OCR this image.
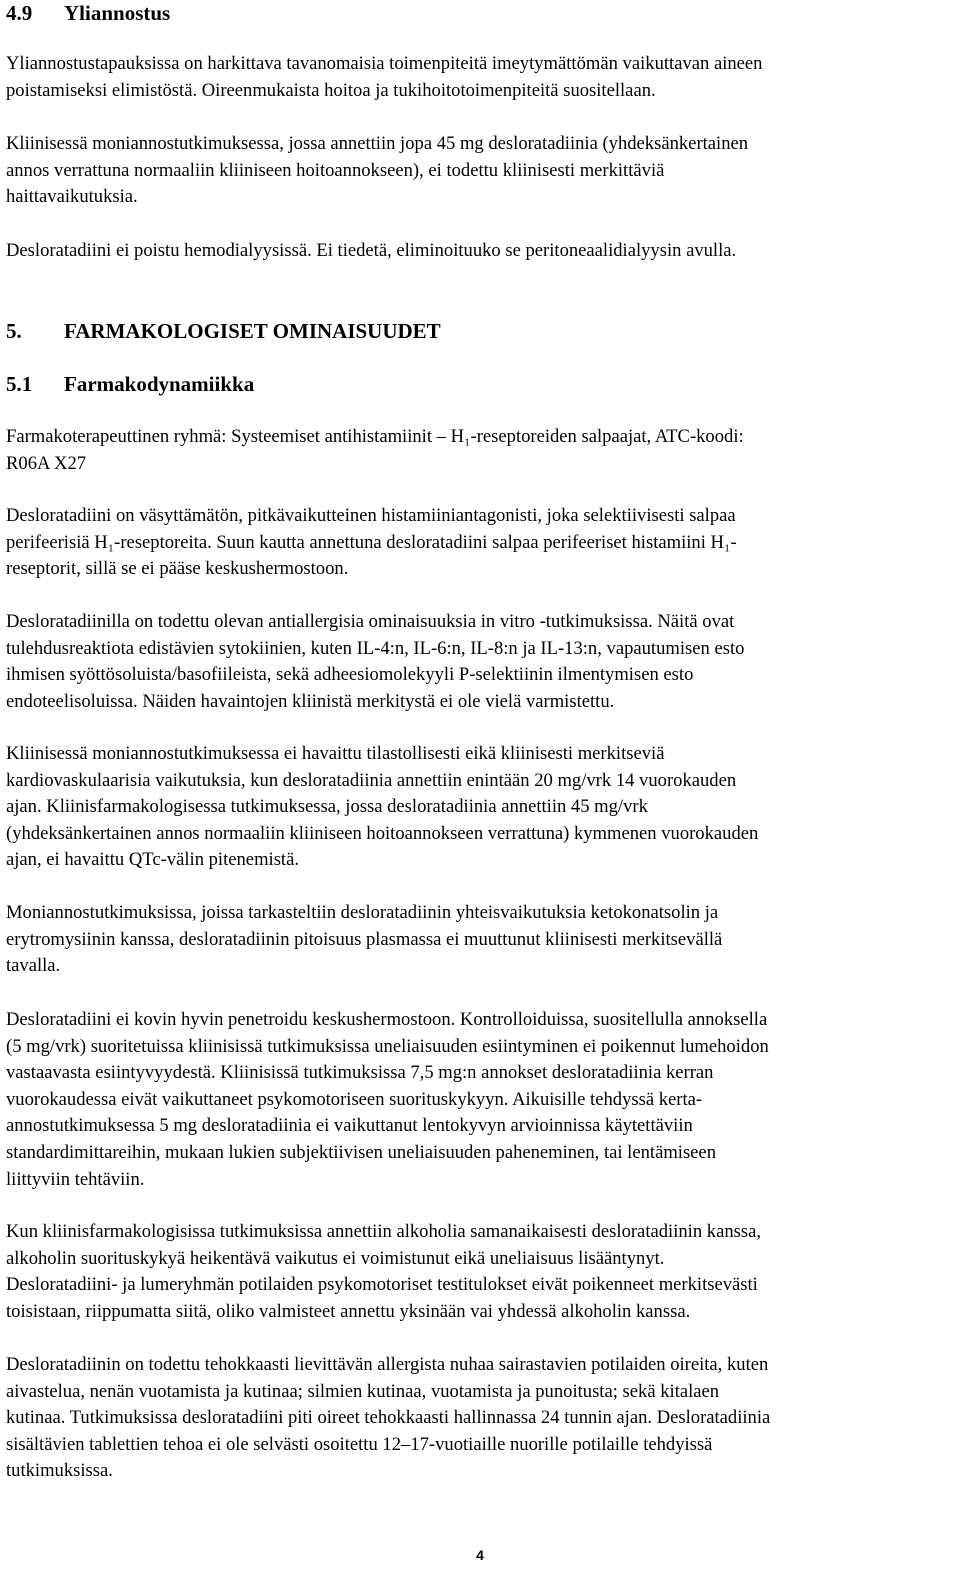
4.9 Yliannostus
Yliannostustapauksissa on harkittava tavanomaisia toimenpiteitä imeytymättömän vaikuttavan aineen
poistamiseksi elimistöstä. Oireenmukaista hoitoa ja tukihoitotoimenpiteitä suositellaan.
Kliinisessä moniannostutkimuksessa, jossa annettiin jopa 45 mg desloratadiinia (yhdeksänkertainen
annos verrattuna normaaliin kliiniseen hoitoannokseen), ei todettu kliinisesti merkittäviä
haittavaikutuksia.
Desloratadiini ei poistu hemodialyysissä. Ei tiedetä, eliminoituuko se peritoneaalidialyysin avulla.
5. FARMAKOLOGISET OMINAISUUDET
5.1 Farmakodynamiikka
Farmakoterapeuttinen ryhmä: Systeemiset antihistamiinit – H₁-reseptoreiden salpaajat, ATC-koodi:
R06A X27
Desloratadiini on väsyttämätön, pitkävaikutteinen histamiiniantagonisti, joka selektiivisesti salpaa
perifeerisiä H₁-reseptoreita. Suun kautta annettuna desloratadiini salpaa perifeeriset histamiini H₁-
reseptorit, sillä se ei pääse keskushermostoon.
Desloratadiinilla on todettu olevan antiallergisia ominaisuuksia in vitro -tutkimuksissa. Näitä ovat
tulehdusreaktiota edistävien sytokiinien, kuten IL-4:n, IL-6:n, IL-8:n ja IL-13:n, vapautumisen esto
ihmisen syöttösoluista/basofiileista, sekä adheesiomolekyyli P-selektiinin ilmentymisen esto
endoteelisoluissa. Näiden havaintojen kliinistä merkitystä ei ole vielä varmistettu.
Kliinisessä moniannostutkimuksessa ei havaittu tilastollisesti eikä kliinisesti merkitseviä
kardiovaskulaarisia vaikutuksia, kun desloratadiinia annettiin enintään 20 mg/vrk 14 vuorokauden
ajan. Kliinisfarmakologisessa tutkimuksessa, jossa desloratadiinia annettiin 45 mg/vrk
(yhdeksänkertainen annos normaaliin kliiniseen hoitoannokseen verrattuna) kymmenen vuorokauden
ajan, ei havaittu QTc-välin pitenemistä.
Moniannostutkimuksissa, joissa tarkasteltiin desloratadiinin yhteisvaikutuksia ketokonatsolin ja
erytromysiinin kanssa, desloratadiinin pitoisuus plasmassa ei muuttunut kliinisesti merkitsevällä
tavalla.
Desloratadiini ei kovin hyvin penetroidu keskushermostoon. Kontrolloiduissa, suositellulla annoksella
(5 mg/vrk) suoritetuissa kliinisissä tutkimuksissa uneliaisuuden esiintyminen ei poikennut lumehoidon
vastaavasta esiintyvyydestä. Kliinisissä tutkimuksissa 7,5 mg:n annokset desloratadiinia kerran
vuorokaudessa eivät vaikuttaneet psykomotoriseen suorituskykyyn. Aikuisille tehdyssä kerta-
annostutkimuksessa 5 mg desloratadiinia ei vaikuttanut lentokyvyn arvioinnissa käytettäviin
standardimittareihin, mukaan lukien subjektiivisen uneliaisuuden paheneminen, tai lentämiseen
liittyviin tehtäviin.
Kun kliinisfarmakologisissa tutkimuksissa annettiin alkoholia samanaikaisesti desloratadiinin kanssa,
alkoholin suorituskykyä heikentävä vaikutus ei voimistunut eikä uneliaisuus lisääntynyt.
Desloratadiini- ja lumeryhmän potilaiden psykomotoriset testitulokset eivät poikenneet merkitsevästi
toisistaan, riippumatta siitä, oliko valmisteet annettu yksinään vai yhdessä alkoholin kanssa.
Desloratadiinin on todettu tehokkaasti lievittävän allergista nuhaa sairastavien potilaiden oireita, kuten
aivastelua, nenän vuotamista ja kutinaa; silmien kutinaa, vuotamista ja punoitusta; sekä kitalaen
kutinaa. Tutkimuksissa desloratadiini piti oireet tehokkaasti hallinnassa 24 tunnin ajan. Desloratadiinia
sisältävien tablettien tehoa ei ole selvästi osoitettu 12–17-vuotiaille nuorille potilaille tehdyissä
tutkimuksissa.
4
